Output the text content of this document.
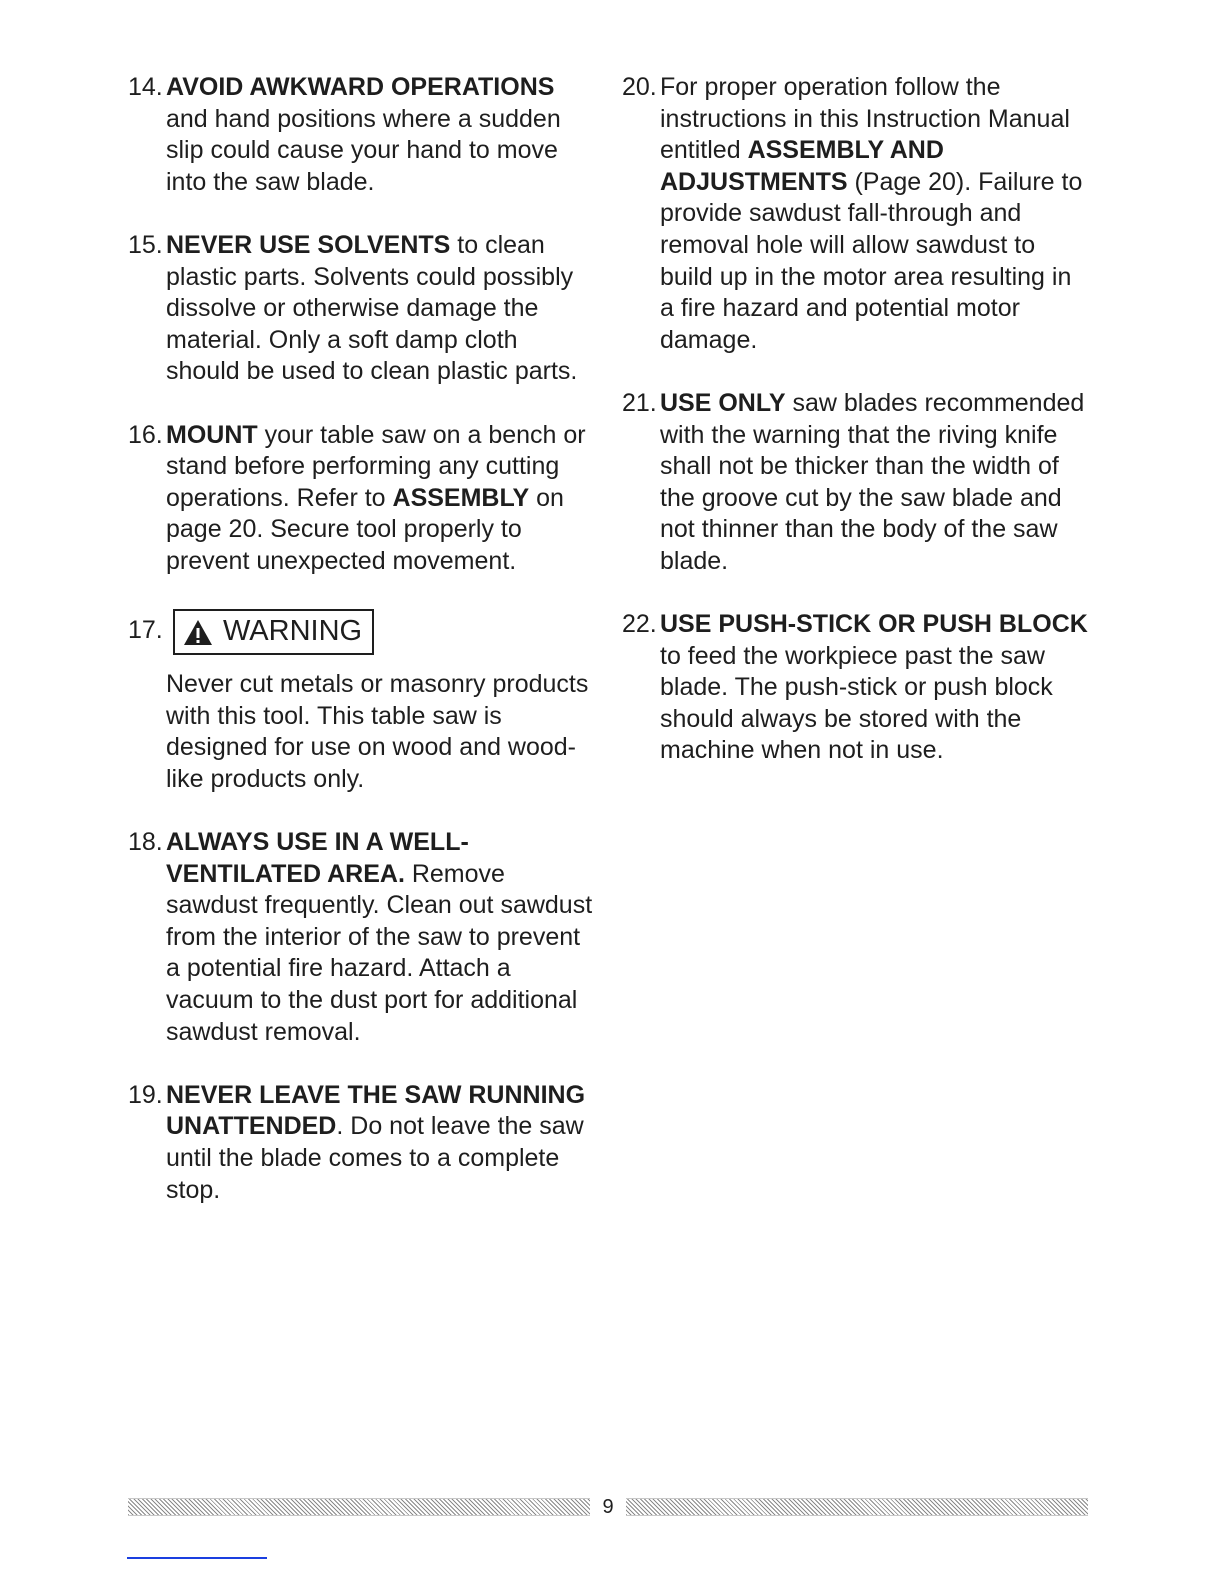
14. AVOID AWKWARD OPERATIONS and hand positions where a sudden slip could cause your hand to move into the saw blade.
15. NEVER USE SOLVENTS to clean plastic parts. Solvents could possibly dissolve or otherwise damage the material. Only a soft damp cloth should be used to clean plastic parts.
16. MOUNT your table saw on a bench or stand before performing any cutting operations. Refer to ASSEMBLY on page 20. Secure tool properly to prevent unexpected movement.
17. WARNING
Never cut metals or masonry products with this tool. This table saw is designed for use on wood and wood-like products only.
18. ALWAYS USE IN A WELL-VENTILATED AREA. Remove sawdust frequently. Clean out sawdust from the interior of the saw to prevent a potential fire hazard. Attach a vacuum to the dust port for additional sawdust removal.
19. NEVER LEAVE THE SAW RUNNING UNATTENDED. Do not leave the saw until the blade comes to a complete stop.
20. For proper operation follow the instructions in this Instruction Manual entitled ASSEMBLY AND ADJUSTMENTS (Page 20). Failure to provide sawdust fall-through and removal hole will allow sawdust to build up in the motor area resulting in a fire hazard and potential motor damage.
21. USE ONLY saw blades recommended with the warning that the riving knife shall not be thicker than the width of the groove cut by the saw blade and not thinner than the body of the saw blade.
22. USE PUSH-STICK OR PUSH BLOCK to feed the workpiece past the saw blade. The push-stick or push block should always be stored with the machine when not in use.
9
